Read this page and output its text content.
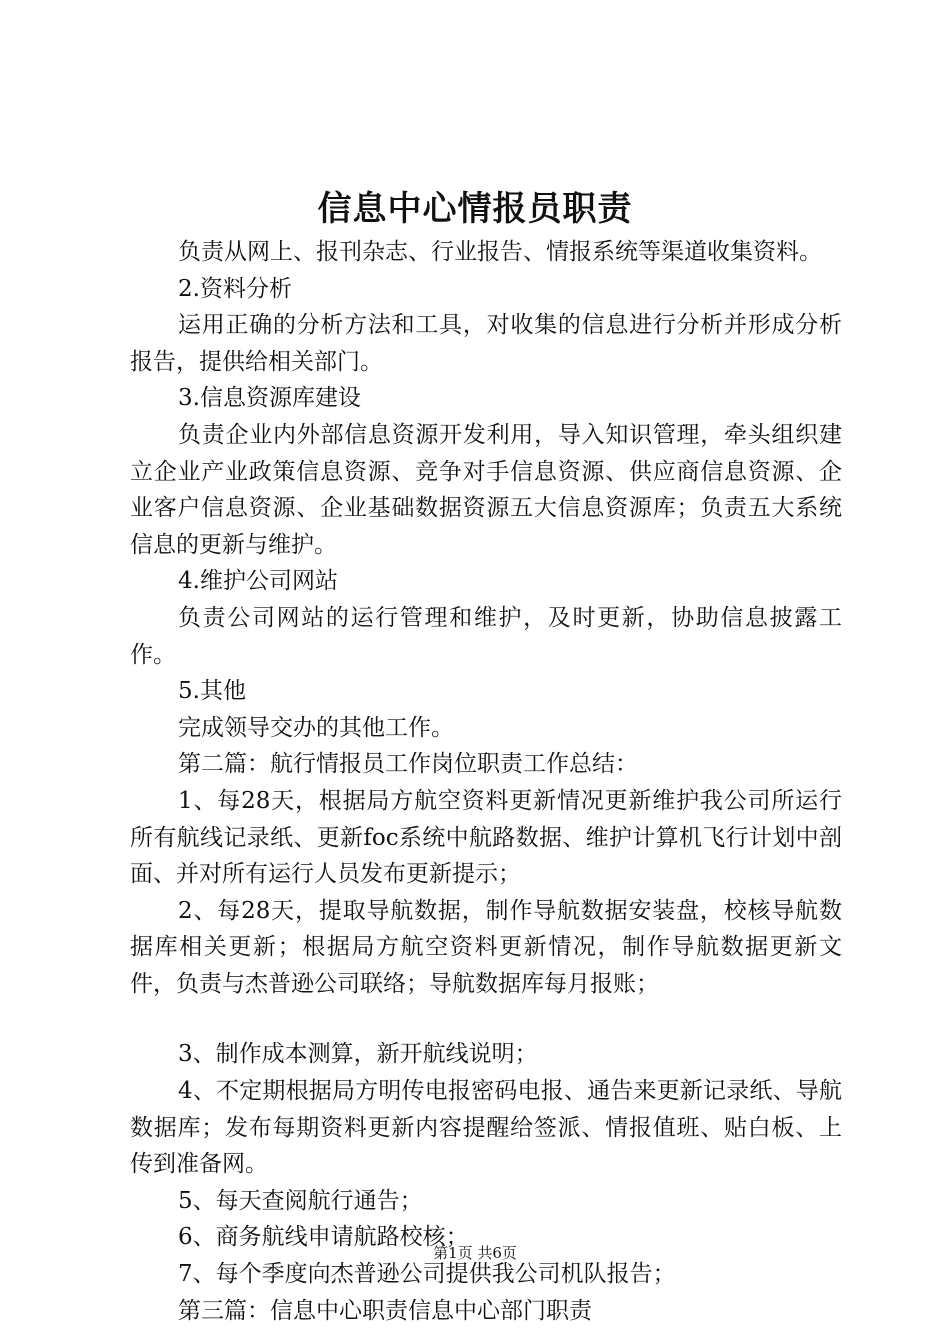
信息中心情报员职责

负责从网上、报刊杂志、行业报告、情报系统等渠道收集资料。

2.资料分析

运用正确的分析方法和工具，对收集的信息进行分析并形成分析报告，提供给相关部门。

3.信息资源库建设

负责企业内外部信息资源开发利用，导入知识管理，牵头组织建立企业产业政策信息资源、竞争对手信息资源、供应商信息资源、企业客户信息资源、企业基础数据资源五大信息资源库；负责五大系统信息的更新与维护。

4.维护公司网站

负责公司网站的运行管理和维护，及时更新，协助信息披露工作。

5.其他

完成领导交办的其他工作。

第二篇：航行情报员工作岗位职责工作总结：

1、每28天，根据局方航空资料更新情况更新维护我公司所运行所有航线记录纸、更新foc系统中航路数据、维护计算机飞行计划中剖面、并对所有运行人员发布更新提示；

2、每28天，提取导航数据，制作导航数据安装盘，校核导航数据库相关更新；根据局方航空资料更新情况，制作导航数据更新文件，负责与杰普逊公司联络；导航数据库每月报账；

3、制作成本测算，新开航线说明；

4、不定期根据局方明传电报密码电报、通告来更新记录纸、导航数据库；发布每期资料更新内容提醒给签派、情报值班、贴白板、上传到准备网。

5、每天查阅航行通告；

6、商务航线申请航路校核；

7、每个季度向杰普逊公司提供我公司机队报告；

第三篇：信息中心职责信息中心部门职责

第1页 共6页
